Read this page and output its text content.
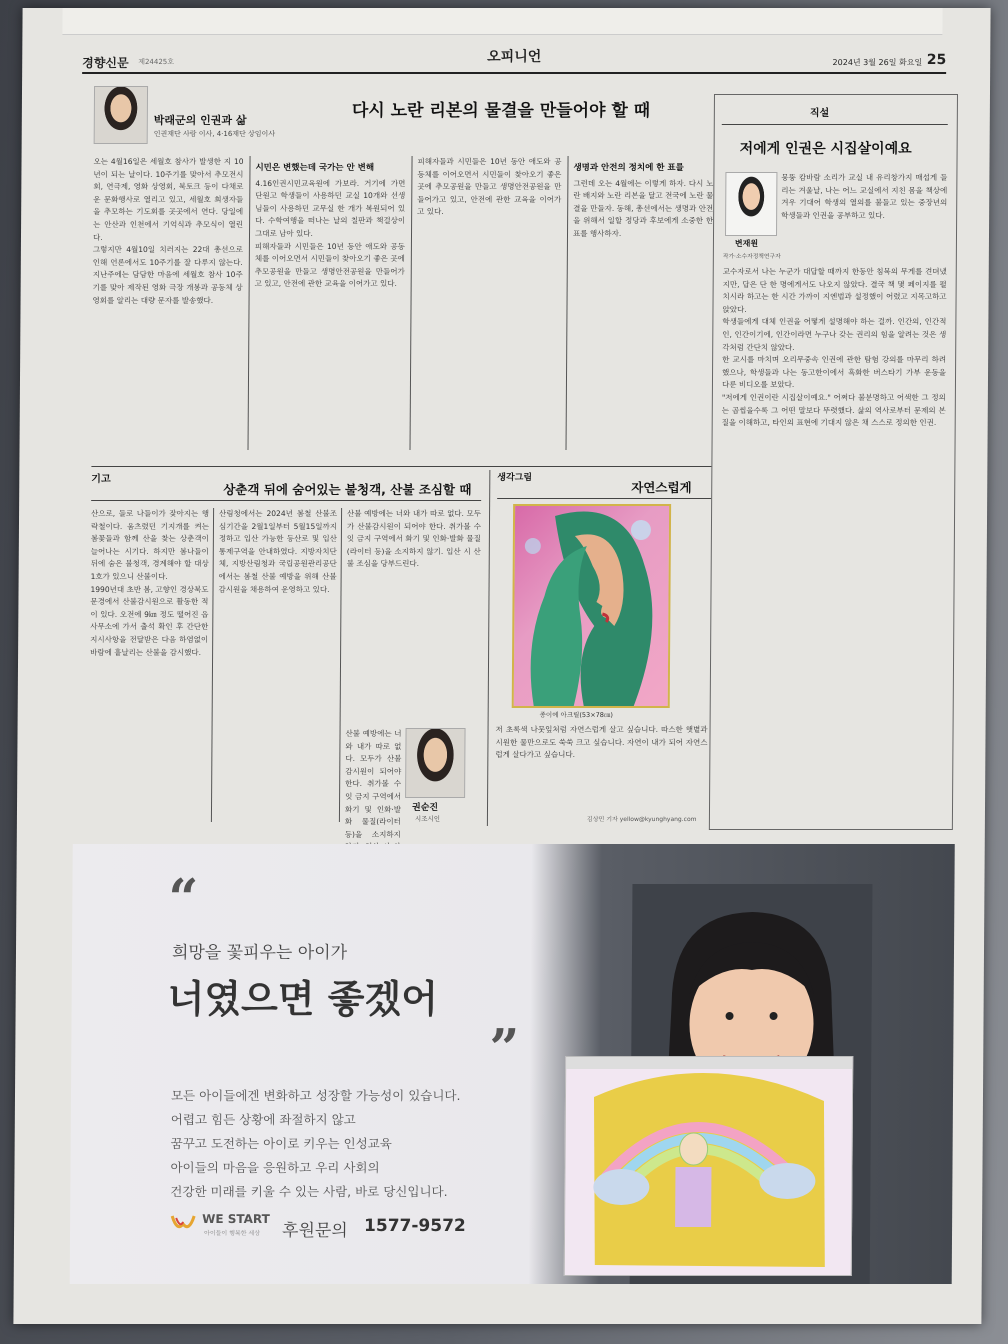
경향신문 제24425호	오피니언	2024년 3월 26일 화요일 25
박래군의 인권과 삶
인권재단 사람 이사, 4·16재단 상임이사
다시 노란 리본의 물결을 만들어야 할 때
오는 4월16일은 세월호 참사가 발생한 지 10년이 되는 날이다. 10주기를 맞아서 추모전시회, 연극제, 영화 상영회, 북토크 등이 다채로운 문화행사로 열리고 있고, 세월호 희생자들을 추모하는 기도회를 곳곳에서 연다. 당일에는 안산과 인천에서 기억식과 추모식이 열린다.
그렇지만 4월10일 치러지는 22대 총선으로 인해 언론에서도 10주기를 잘 다루지 않는다. 지난주에는 담담한 마음에 세월호 참사 10주기를 맞아 제작된 영화 극장 개봉과 공동체 상영회를 알리는 대량 문자를 발송했다.
시민은 변했는데 국가는 안 변해
4.16인권시민교육원에 가보라. 거기에 가면 단원고 학생들이 사용하던 교실 10개와 선생님들이 사용하던 교무실 한 개가 복원되어 있다. 수학여행을 떠나는 날의 칠판과 책걸상이 그대로 남아 있다.
피해자들과 시민들은 10년 동안 애도와 공동체를 이어오면서 시민들이 찾아오기 좋은 곳에 추모공원을 만들고 생명안전공원을 만들어가고 있고, 안전에 관한 교육을 이어가고 있다.
피해자들과 시민들은 10년 동안 애도와 공동체를 이어오면서 시민들이 찾아오기 좋은 곳에 추모공원을 만들고 생명안전공원을 만들어가고 있고, 안전에 관한 교육을 이어가고 있다.
생명과 안전의 정치에 한 표를
그런데 오는 4월에는 이렇게 하자. 다시 노란 배지와 노란 리본을 달고 전국에 노란 물결을 만들자. 동해, 총선에서는 생명과 안전을 위해서 일할 정당과 후보에게 소중한 한 표를 행사하자.
기고
상춘객 뒤에 숨어있는 불청객, 산불 조심할 때
산으로, 들로 나들이가 잦아지는 행락철이다. 움츠렸던 기지개를 켜는 봄꽃들과 함께 산을 찾는 상춘객이 늘어나는 시기다. 하지만 봄나들이 뒤에 숨은 불청객, 경계해야 할 대상 1호가 있으니 산불이다.
1990년대 초반 봄, 고향인 경상북도 문경에서 산불감시원으로 활동한 적이 있다. 오전에 9㎞ 정도 떨어진 읍사무소에 가서 출석 확인 후 간단한 지시사항을 전달받은 다음 하염없이 바람에 흩날리는 산불을 감시했다.
산림청에서는 2024년 봄철 산불조심기간을 2월1일부터 5월15일까지 정하고 입산 가능한 등산로 및 입산통제구역을 안내하였다. 지방자치단체, 지방산림청과 국립공원관리공단에서는 봄철 산불 예방을 위해 산불 감시원을 채용하여 운영하고 있다.
산불 예방에는 너와 내가 따로 없다. 모두가 산불감시원이 되어야 한다. 취가볼 수 잇 금지 구역에서 화기 및 인화·발화 물질(라이터 등)을 소지하지 않기. 입산 시 산불 조심을 당부드린다.
산불 예방에는 너와 내가 따로 없다. 모두가 산불감시원이 되어야 한다. 취가볼 수 잇 금지 구역에서 화기 및 인화·발화 물질(라이터 등)을 소지하지
권순진
시조시인
생각그림
자연스럽게
종이에 아크릴(53×78㎝)
저 초록색 나뭇잎처럼 자연스럽게 살고 싶습니다. 따스한 햇볕과 시원한 물만으로도 쑥쑥 크고 싶습니다. 자연이 내가 되어 자연스럽게 살다가고 싶습니다.
김상민 기자 yellow@kyunghyang.com
직설
저에게 인권은 시집살이예요
변재원
작가·소수자정책연구자
뭉뚱 캄바람 소리가 교실 내 유리창가지 매섭게 들리는 겨울날, 나는 어느 교실에서 지친 몸을 책상에 겨우 기대어 학생의 열의를 불들고 있는 중장년의 학생들과 인권을 공부하고 있다.
교수자로서 나는 누군가 대답할 때까지 한동안 침묵의 무게를 견뎌냈지만, 답은 단 한 명에게서도 나오지 않았다. 결국 책 몇 페이지를 펼치시라 하고는 한 시간 가까이 지엔법과 설정했이 어렸고 지목고하고 앉았다.
학생들에게 대체 인권을 어떻게 설명해야 하는 걸까. 인간의, 인간적인, 인간이기에, 인간이라면 누구나 갖는 권리의 힘을 알려는 것은 생각처럼 간단치 않았다.
한 교시를 마치며 오리무중속 인권에 관한 탐험 강의를 마무리 하려 했으나, 학생들과 나는 동고한이에서 흑화한 버스타기 가부 운동을 다룬 비디오를 보았다.
"저에게 인권이란 시집살이예요." 어쩌다 불분명하고 어색한 그 정의는 곱씹을수록 그 어떤 말보다 뚜렷했다. 삶의 역사로부터 문제의 본질을 이해하고, 타인의 표현에 기대지 않은 채 스스로 정의한 인권.
“
희망을 꽃피우는 아이가
너였으면 좋겠어
”
모든 아이들에겐 변화하고 성장할 가능성이 있습니다.
어렵고 힘든 상황에 좌절하지 않고
꿈꾸고 도전하는 아이로 키우는 인성교육
아이들의 마음을 응원하고 우리 사회의
건강한 미래를 키울 수 있는 사람, 바로 당신입니다.
WE START
아이들이 행복한 세상 후원문의 1577-9572
